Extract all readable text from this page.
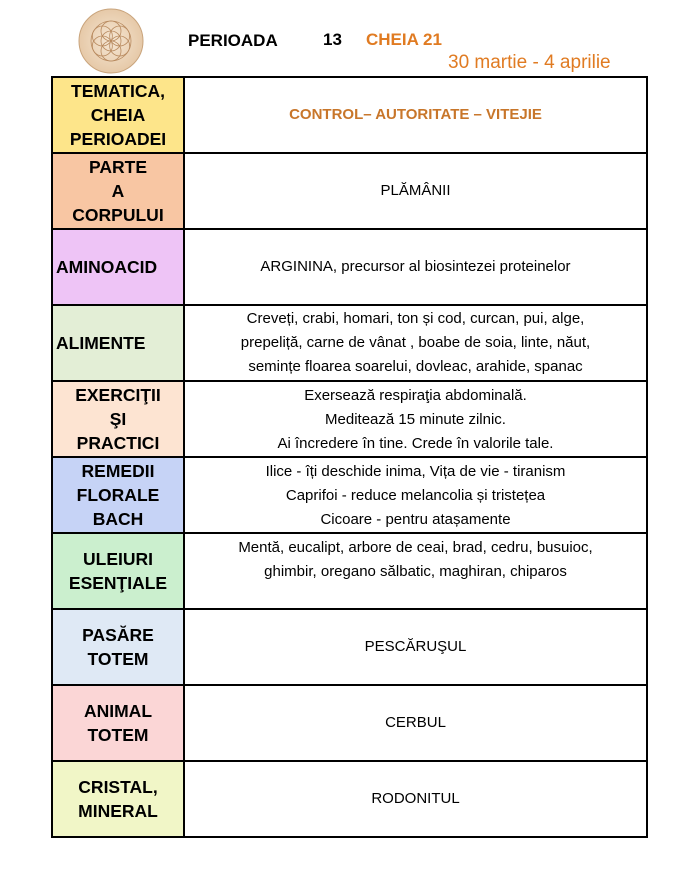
PERIOADA	13 CHEIA 21
30 martie - 4 aprilie
TEMATICA,
CHEIA
PERIOADEI	CONTROL– AUTORITATE – VITEJIE

PARTE
A
CORPULUI	PLĂMÂNII

AMINOACID	ARGININA, precursor al biosintezei proteinelor

ALIMENTE	Creveți, crabi, homari, ton și cod, curcan, pui, alge,
prepeliță, carne de vânat , boabe de soia, linte, năut,
semințe floarea soarelui, dovleac, arahide, spanac

EXERCIŢII
ŞI
PRACTICI	Exersează respiraţia abdominală.
Meditează 15 minute zilnic.
Ai încredere în tine. Crede în valorile tale.

REMEDII
FLORALE
BACH	Ilice - îți deschide inima, Vița de vie - tiranism
Caprifoi - reduce melancolia și tristețea
Cicoare - pentru atașamente

ULEIURI
ESENŢIALE	Mentă, eucalipt, arbore de ceai, brad, cedru, busuioc,
ghimbir, oregano sălbatic, maghiran, chiparos

PASĂRE
TOTEM	PESCĂRUŞUL

ANIMAL
TOTEM	CERBUL

CRISTAL,
MINERAL	RODONITUL
